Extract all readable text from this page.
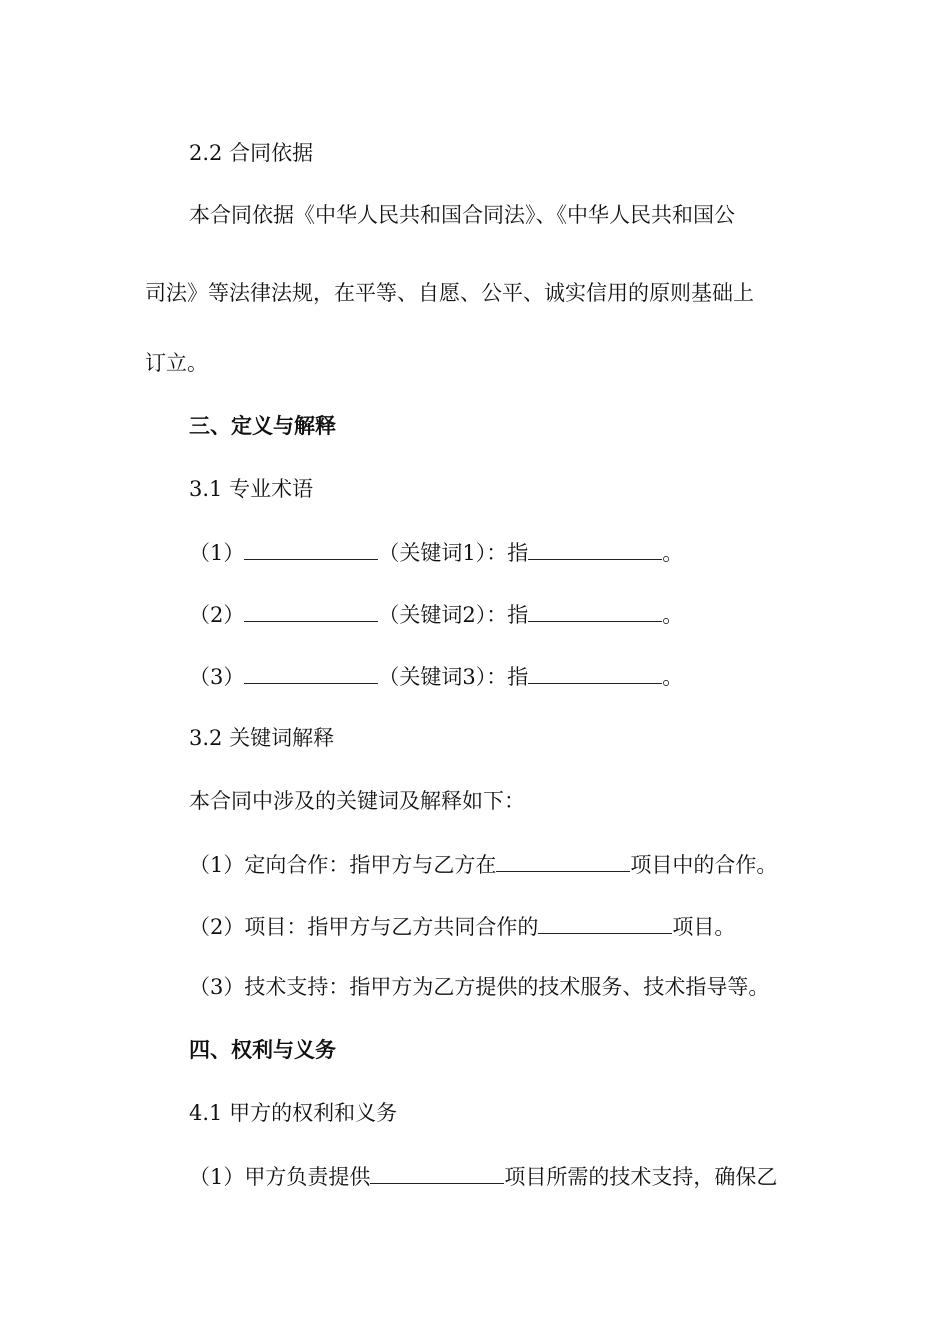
2.2 合同依据
本合同依据《中华人民共和国合同法》、《中华人民共和国公
司法》等法律法规，在平等、自愿、公平、诚实信用的原则基础上
订立。
三、定义与解释
3.1 专业术语
（1）	（关键词1）：指	。
（2）	（关键词2）：指	。
（3）	（关键词3）：指	。
3.2 关键词解释
本合同中涉及的关键词及解释如下：
（1）定向合作：指甲方与乙方在	项目中的合作。
（2）项目：指甲方与乙方共同合作的	项目。
（3）技术支持：指甲方为乙方提供的技术服务、技术指导等。
四、权利与义务
4.1 甲方的权利和义务
（1）甲方负责提供	项目所需的技术支持，确保乙
